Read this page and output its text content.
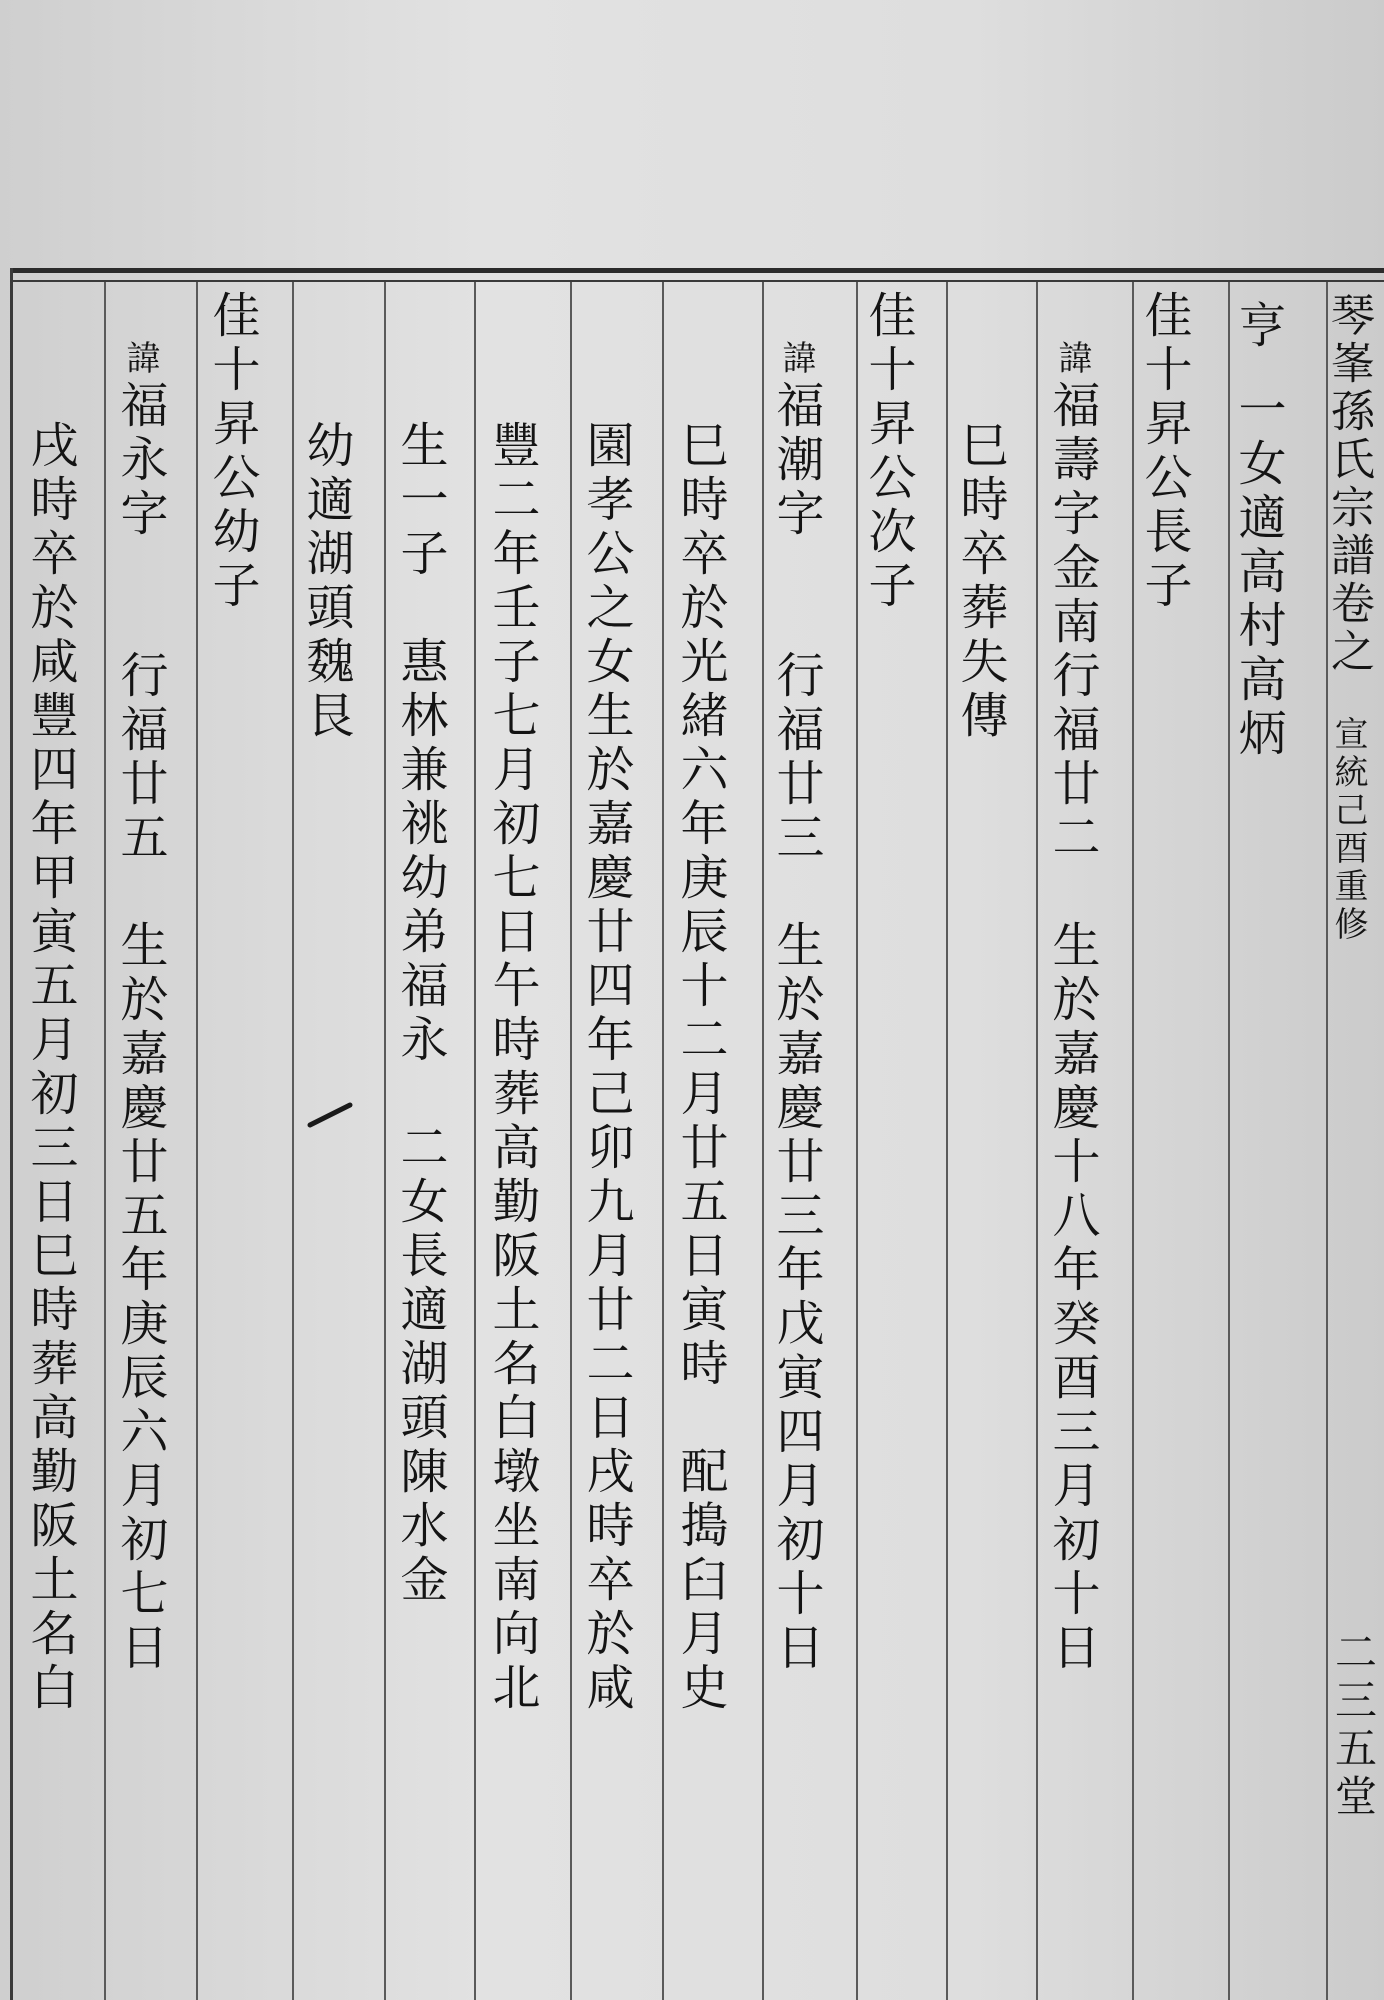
琴峯孫氏宗譜卷之宣統己酉重修
二三五堂
亨一女適高村高炳
佳十昇公長子
諱福壽字金南行福廿二　生於嘉慶十八年癸酉三月初十日
巳時卒葬失傳
佳十昇公次子
諱福潮字　　行福廿三　生於嘉慶廿三年戊寅四月初十日
巳時卒於光緒六年庚辰十二月廿五日寅時　配搗臼月史
園孝公之女生於嘉慶廿四年己卯九月廿二日戌時卒於咸
豐二年壬子七月初七日午時葬高勤阪土名白墩坐南向北
生一子　惠林兼祧幼弟福永　二女長適湖頭陳水金
幼適湖頭魏艮
佳十昇公幼子
諱福永字　　行福廿五　生於嘉慶廿五年庚辰六月初七日
戌時卒於咸豐四年甲寅五月初三日巳時葬高勤阪土名白
